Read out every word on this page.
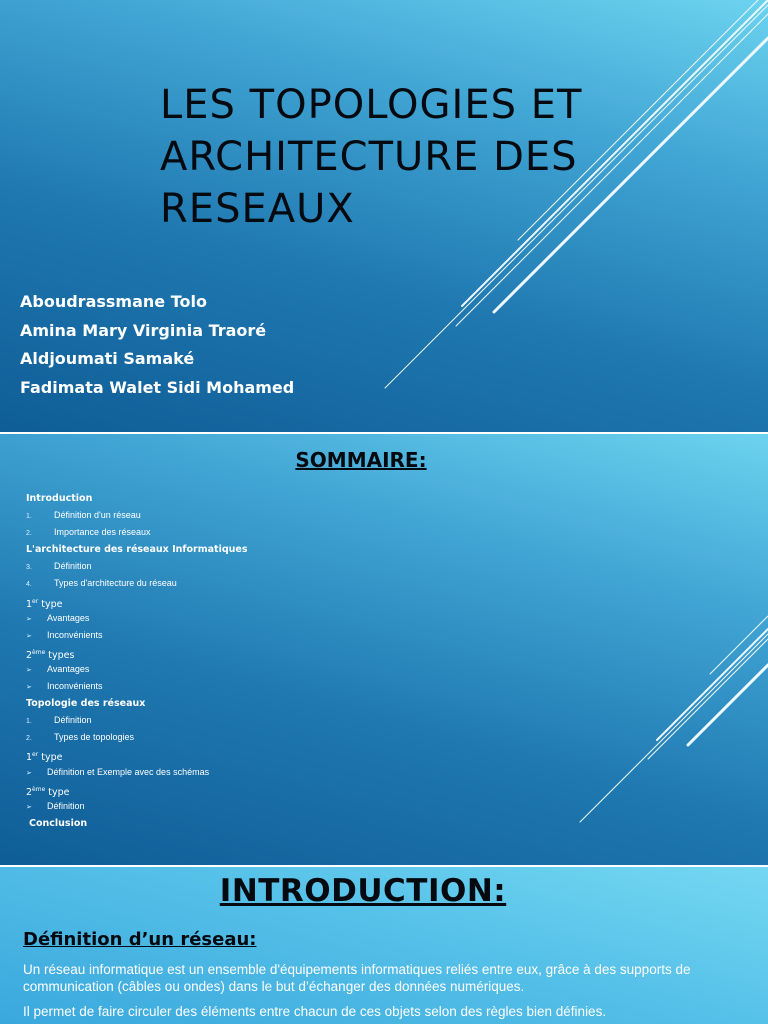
LES TOPOLOGIES ET
ARCHITECTURE DES
RESEAUX
Aboudrassmane Tolo
Amina Mary Virginia Traoré
Aldjoumati Samaké
Fadimata Walet Sidi Mohamed
SOMMAIRE:
Introduction
1. Définition d'un réseau
2. Importance des réseaux
L'architecture des réseaux Informatiques
3. Définition
4. Types d'architecture du réseau
1er type
➢ Avantages
➢ Inconvénients
2ème types
➢ Avantages
➢ Inconvénients
Topologie des réseaux
1. Définition
2. Types de topologies
1er type
➢ Définition et Exemple avec des schémas
2ème type
➢ Définition
Conclusion
INTRODUCTION:
Définition d’un réseau:

Un réseau informatique est un ensemble d'équipements informatiques reliés entre eux, grâce à des supports de communication (câbles ou ondes) dans le but d’échanger des données numériques.

Il permet de faire circuler des éléments entre chacun de ces objets selon des règles bien définies.
